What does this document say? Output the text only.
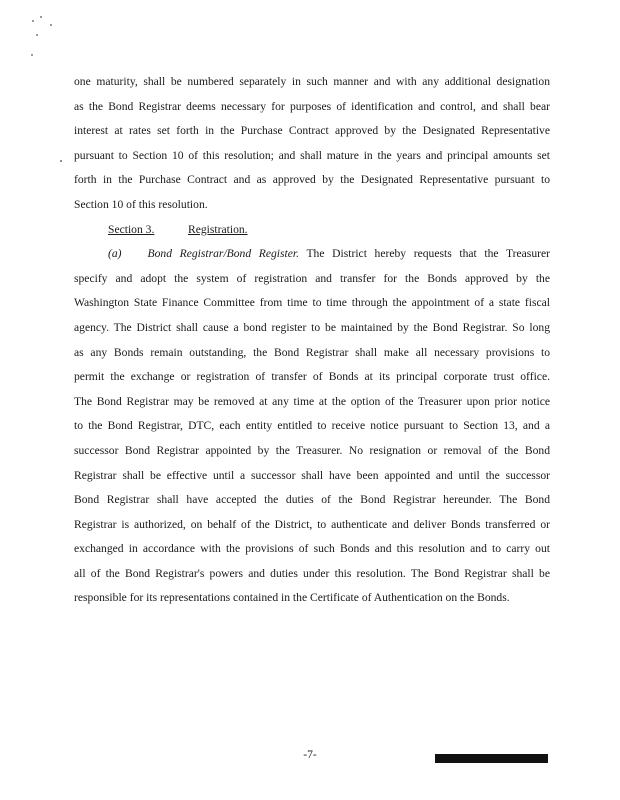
one maturity, shall be numbered separately in such manner and with any additional designation
as the Bond Registrar deems necessary for purposes of identification and control, and shall bear
interest at rates set forth in the Purchase Contract approved by the Designated Representative
pursuant to Section 10 of this resolution; and shall mature in the years and principal amounts set
forth in the Purchase Contract and as approved by the Designated Representative pursuant to
Section 10 of this resolution.

Section 3.	Registration.

(a) Bond Registrar/Bond Register. The District hereby requests that the Treasurer
specify and adopt the system of registration and transfer for the Bonds approved by the
Washington State Finance Committee from time to time through the appointment of a state fiscal
agency. The District shall cause a bond register to be maintained by the Bond Registrar. So long
as any Bonds remain outstanding, the Bond Registrar shall make all necessary provisions to
permit the exchange or registration of transfer of Bonds at its principal corporate trust office.
The Bond Registrar may be removed at any time at the option of the Treasurer upon prior notice
to the Bond Registrar, DTC, each entity entitled to receive notice pursuant to Section 13, and a
successor Bond Registrar appointed by the Treasurer. No resignation or removal of the Bond
Registrar shall be effective until a successor shall have been appointed and until the successor
Bond Registrar shall have accepted the duties of the Bond Registrar hereunder. The Bond
Registrar is authorized, on behalf of the District, to authenticate and deliver Bonds transferred or
exchanged in accordance with the provisions of such Bonds and this resolution and to carry out
all of the Bond Registrar's powers and duties under this resolution. The Bond Registrar shall be
responsible for its representations contained in the Certificate of Authentication on the Bonds.

-7-
